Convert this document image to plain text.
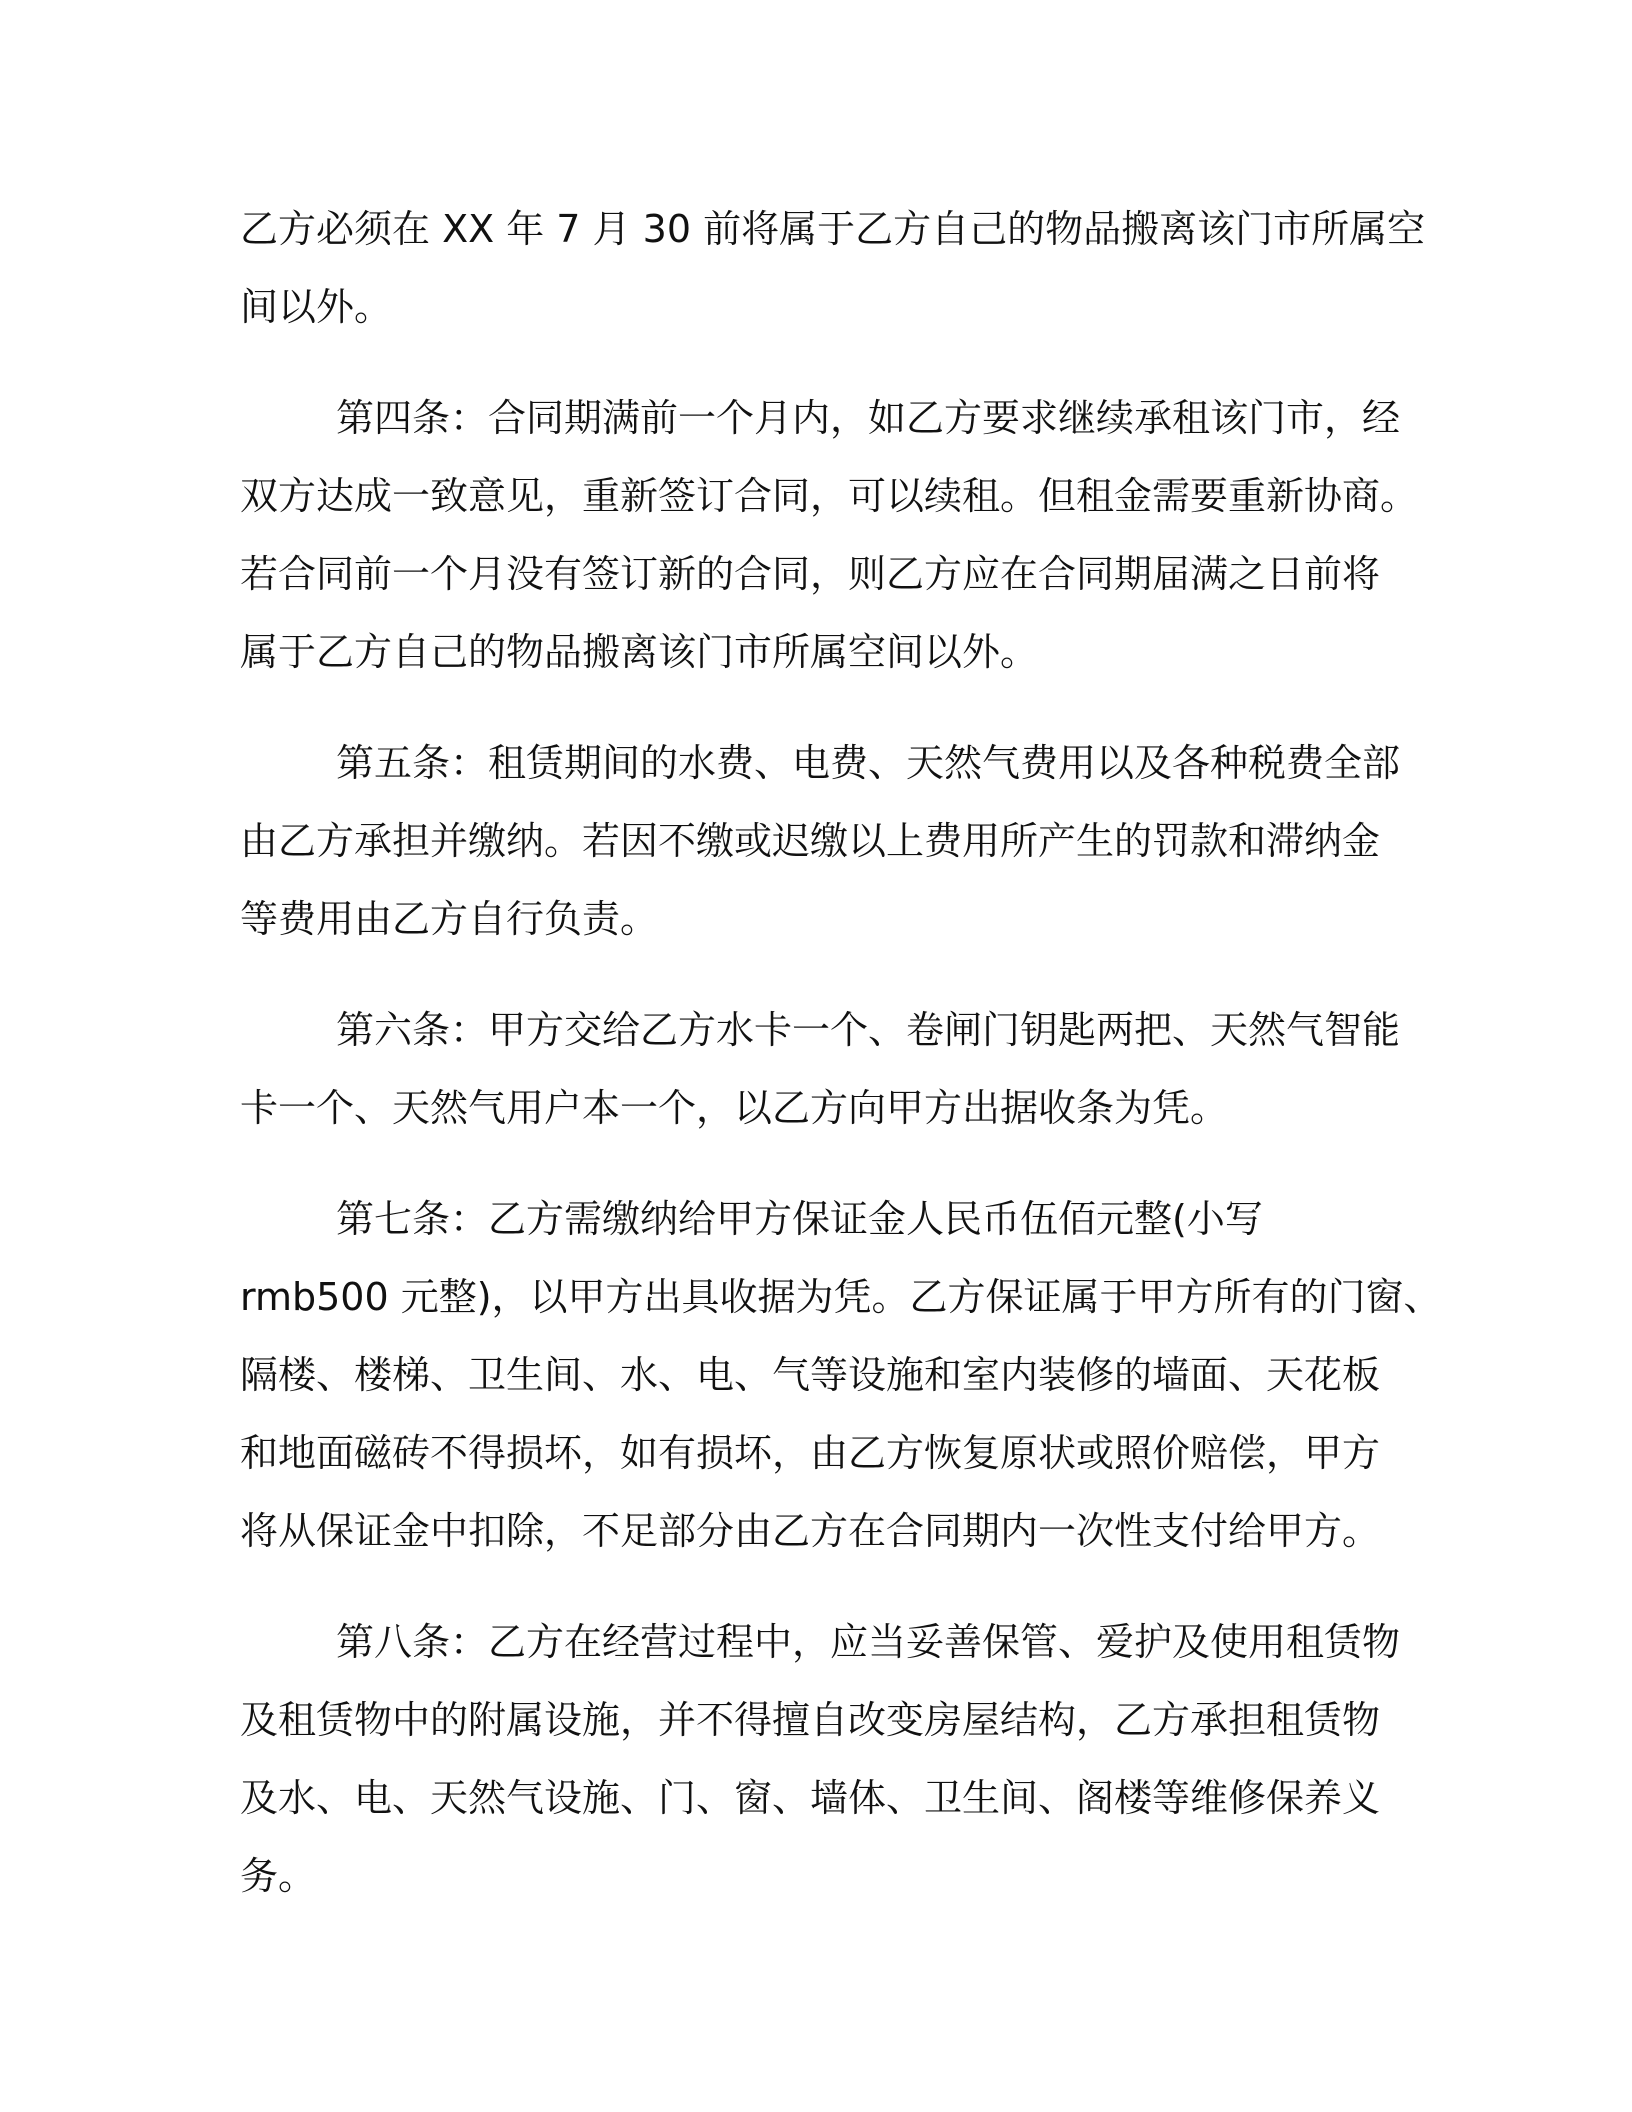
乙方必须在 XX 年 7 月 30 前将属于乙方自己的物品搬离该门市所属空
间以外。
第四条：合同期满前一个月内，如乙方要求继续承租该门市，经
双方达成一致意见，重新签订合同，可以续租。但租金需要重新协商。
若合同前一个月没有签订新的合同，则乙方应在合同期届满之日前将
属于乙方自己的物品搬离该门市所属空间以外。
第五条：租赁期间的水费、电费、天然气费用以及各种税费全部
由乙方承担并缴纳。若因不缴或迟缴以上费用所产生的罚款和滞纳金
等费用由乙方自行负责。
第六条：甲方交给乙方水卡一个、卷闸门钥匙两把、天然气智能
卡一个、天然气用户本一个，以乙方向甲方出据收条为凭。
第七条：乙方需缴纳给甲方保证金人民币伍佰元整(小写
rmb500 元整)，以甲方出具收据为凭。乙方保证属于甲方所有的门窗、
隔楼、楼梯、卫生间、水、电、气等设施和室内装修的墙面、天花板
和地面磁砖不得损坏，如有损坏，由乙方恢复原状或照价赔偿，甲方
将从保证金中扣除，不足部分由乙方在合同期内一次性支付给甲方。
第八条：乙方在经营过程中，应当妥善保管、爱护及使用租赁物
及租赁物中的附属设施，并不得擅自改变房屋结构，乙方承担租赁物
及水、电、天然气设施、门、窗、墙体、卫生间、阁楼等维修保养义
务。
